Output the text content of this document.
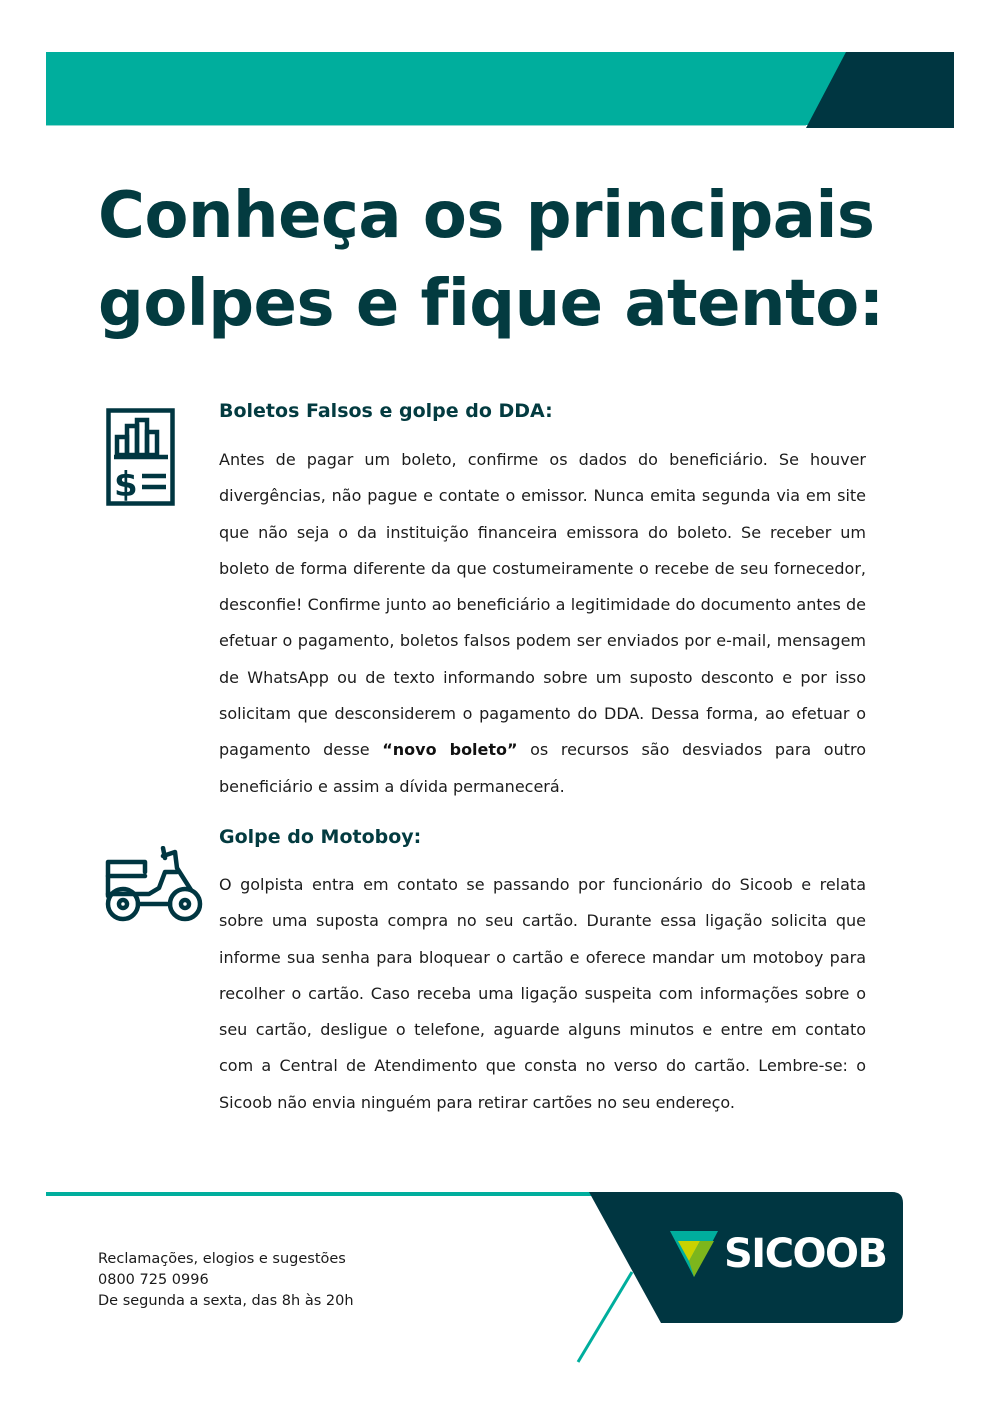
Conheça os principais
golpes e fique atento:
$
Boletos Falsos e golpe do DDA:

Antes de pagar um boleto, confirme os dados do beneficiário. Se houver divergências, não pague e contate o emissor. Nunca emita segunda via em site que não seja o da instituição financeira emissora do boleto. Se receber um boleto de forma diferente da que costumeiramente o recebe de seu fornecedor, desconfie! Confirme junto ao beneficiário a legitimidade do documento antes de efetuar o pagamento, boletos falsos podem ser enviados por e-mail, mensagem de WhatsApp ou de texto informando sobre um suposto desconto e por isso solicitam que desconsiderem o pagamento do DDA. Dessa forma, ao efetuar o pagamento desse “novo boleto” os recursos são desviados para outro beneficiário e assim a dívida permanecerá.

Golpe do Motoboy:

O golpista entra em contato se passando por funcionário do Sicoob e relata sobre uma suposta compra no seu cartão. Durante essa ligação solicita que informe sua senha para bloquear o cartão e oferece mandar um motoboy para recolher o cartão. Caso receba uma ligação suspeita com informações sobre o seu cartão, desligue o telefone, aguarde alguns minutos e entre em contato com a Central de Atendimento que consta no verso do cartão. Lembre-se: o Sicoob não envia ninguém para retirar cartões no seu endereço.

SICOOB
Reclamações, elogios e sugestões
0800 725 0996
De segunda a sexta, das 8h às 20h
